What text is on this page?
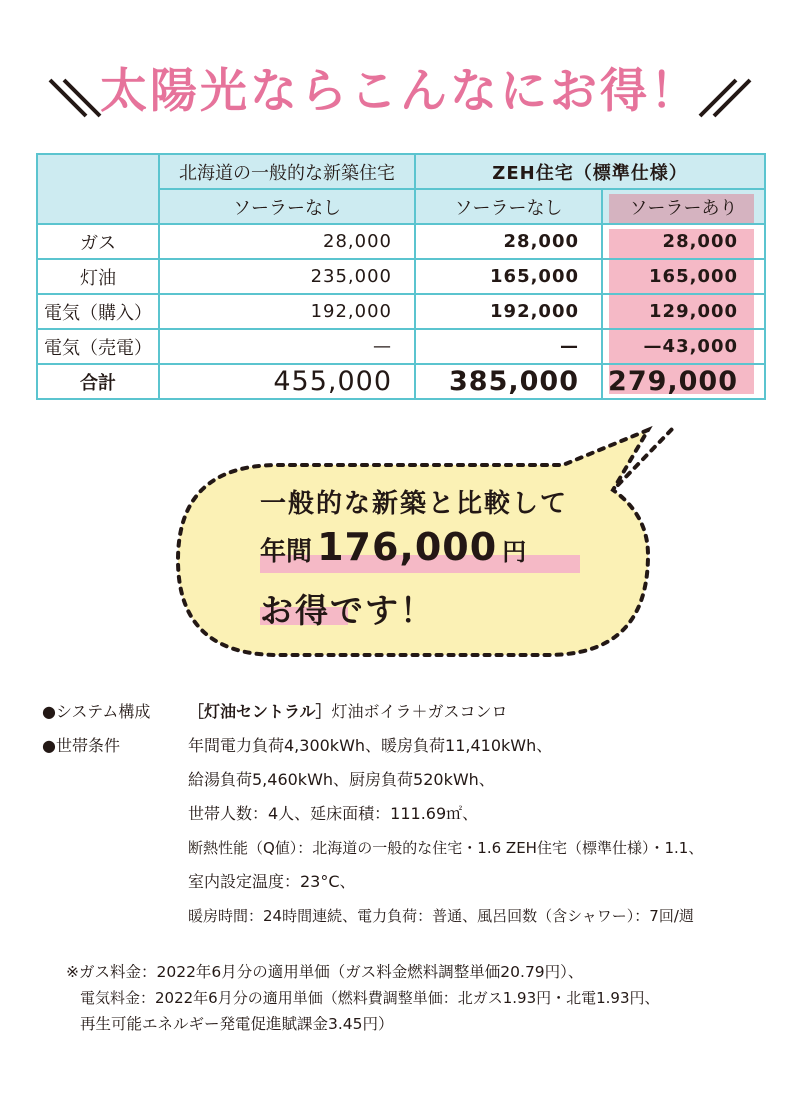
太陽光ならこんなにお得！
	北海道の一般的な新築住宅	ZEH住宅（標準仕様）	

	ソーラーなし	ソーラーなし	ソーラーあり

ガス	28,000	28,000	28,000

灯油	235,000	165,000	165,000

電気（購入）	192,000	192,000	129,000

電気（売電）	—	—	—43,000

合計	455,000	385,000	279,000
一般的な新築と比較して
年間 176,000 円
お得です！
●システム構成 ［灯油セントラル］灯油ボイラ＋ガスコンロ
●世帯条件	年間電力負荷4,300kWh、暖房負荷11,410kWh、
給湯負荷5,460kWh、厨房負荷520kWh、
世帯人数：4人、延床面積：111.69㎡、
断熱性能（Q値）：北海道の一般的な住宅・1.6 ZEH住宅（標準仕様）・1.1、
室内設定温度：23°C、
暖房時間：24時間連続、電力負荷：普通、風呂回数（含シャワー）：7回/週
※ガス料金：2022年6月分の適用単価（ガス料金燃料調整単価20.79円）、
電気料金：2022年6月分の適用単価（燃料費調整単価：北ガス1.93円・北電1.93円、
再生可能エネルギー発電促進賦課金3.45円）
